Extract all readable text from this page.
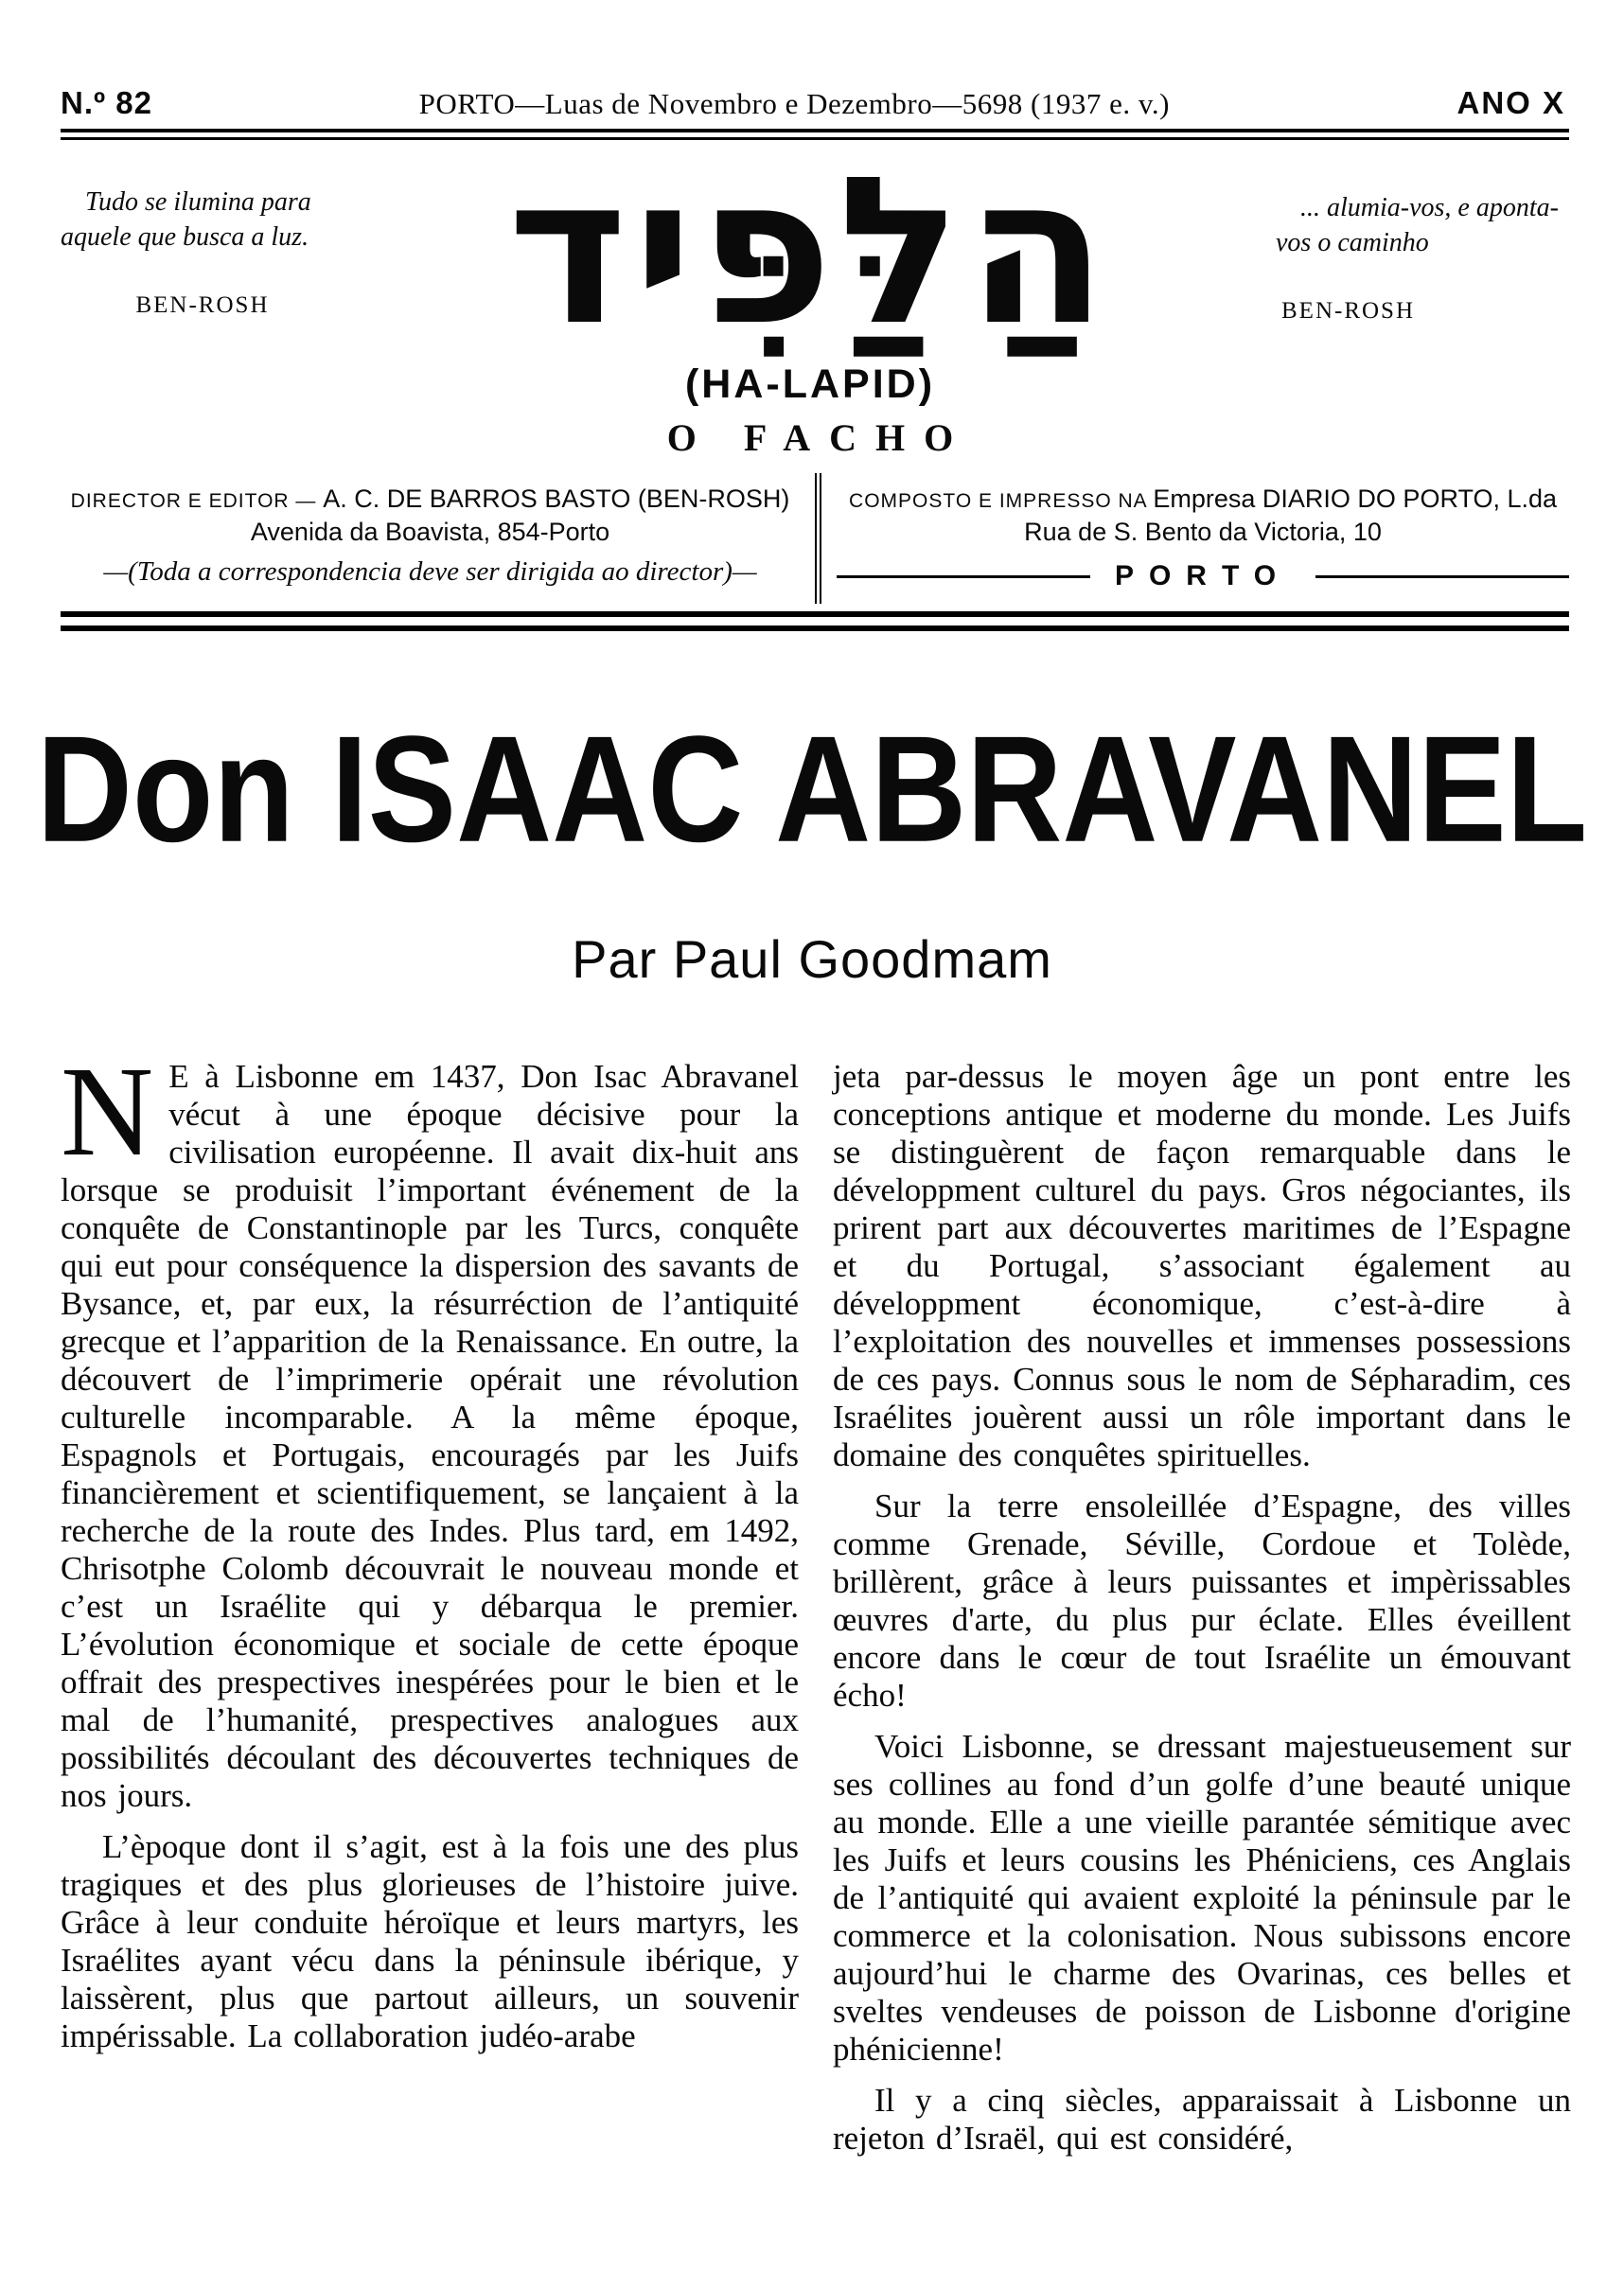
N.º 82	PORTO—Luas de Novembro e Dezembro—5698 (1937 e. v.)	ANO X

Tudo se ilumina para aquele que busca a luz.

BEN-ROSH	הַלַּפִּיד
(HA-LAPID)
O FACHO

... alumia-vos, e aponta-vos o caminho

BEN-ROSH

DIRECTOR E EDITOR — A. C. DE BARROS BASTO (BEN-ROSH)

Avenida da Boavista, 854-Porto

—(Toda a correspondencia deve ser dirigida ao director)—

COMPOSTO E IMPRESSO NA Empresa DIARIO DO PORTO, L.da

Rua de S. Bento da Victoria, 10

PORTO
Don ISAAC ABRAVANEL
Par Paul Goodmam

N E à Lisbonne em 1437, Don Isac Abravanel vécut à une époque décisive pour la civilisation européenne. Il avait dix-huit ans lorsque se produisit l’important événement de la conquête de Constantinople par les Turcs, conquête qui eut pour conséquence la dispersion des savants de Bysance, et, par eux, la résurréction de l’antiquité grecque et l’apparition de la Renaissance. En outre, la découvert de l’imprimerie opérait une révolution culturelle incomparable. A la même époque, Espagnols et Portugais, encouragés par les Juifs financièrement et scientifiquement, se lançaient à la recherche de la route des Indes. Plus tard, em 1492, Chrisotphe Colomb découvrait le nouveau monde et c’est un Israélite qui y débarqua le premier. L’évolution économique et sociale de cette époque offrait des prespectives inespérées pour le bien et le mal de l’humanité, prespectives analogues aux possibilités découlant des découvertes techniques de nos jours.

L’èpoque dont il s’agit, est à la fois une des plus tragiques et des plus glorieuses de l’histoire juive. Grâce à leur conduite héroïque et leurs martyrs, les Israélites ayant vécu dans la péninsule ibérique, y laissèrent, plus que partout ailleurs, un souvenir impérissable. La collaboration judéo-arabe

jeta par-dessus le moyen âge un pont entre les conceptions antique et moderne du monde. Les Juifs se distinguèrent de façon remarquable dans le développment culturel du pays. Gros négociantes, ils prirent part aux découvertes maritimes de l’Espagne et du Portugal, s’associant également au développment économique, c’est-à-dire à l’exploitation des nouvelles et immenses possessions de ces pays. Connus sous le nom de Sépharadim, ces Israélites jouèrent aussi un rôle important dans le domaine des conquêtes spirituelles.

Sur la terre ensoleillée d’Espagne, des villes comme Grenade, Séville, Cordoue et Tolède, brillèrent, grâce à leurs puissantes et impèrissables œuvres d'arte, du plus pur éclate. Elles éveillent encore dans le cœur de tout Israélite un émouvant écho!

Voici Lisbonne, se dressant majestueusement sur ses collines au fond d’un golfe d’une beauté unique au monde. Elle a une vieille parantée sémitique avec les Juifs et leurs cousins les Phéniciens, ces Anglais de l’antiquité qui avaient exploité la péninsule par le commerce et la colonisation. Nous subissons encore aujourd’hui le charme des Ovarinas, ces belles et sveltes vendeuses de poisson de Lisbonne d'origine phénicienne!

Il y a cinq siècles, apparaissait à Lisbonne un rejeton d’Israël, qui est considéré,
